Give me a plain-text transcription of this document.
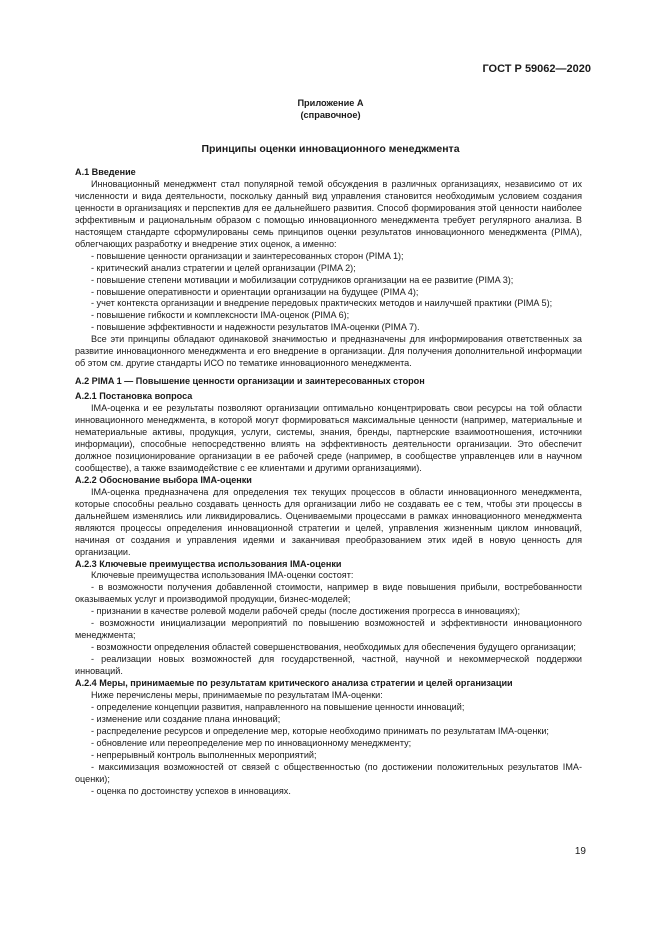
ГОСТ Р 59062—2020
Приложение А
(справочное)
Принципы оценки инновационного менеджмента
А.1 Введение
Инновационный менеджмент стал популярной темой обсуждения в различных организациях, независимо от их численности и вида деятельности, поскольку данный вид управления становится необходимым условием создания ценности в организациях и перспектив для ее дальнейшего развития. Способ формирования этой ценности наиболее эффективным и рациональным образом с помощью инновационного менеджмента требует регулярного анализа. В настоящем стандарте сформулированы семь принципов оценки результатов инновационного менеджмента (PIMA), облегчающих разработку и внедрение этих оценок, а именно:
- повышение ценности организации и заинтересованных сторон (PIMA 1);
- критический анализ стратегии и целей организации (PIMA 2);
- повышение степени мотивации и мобилизации сотрудников организации на ее развитие (PIMA 3);
- повышение оперативности и ориентации организации на будущее (PIMA 4);
- учет контекста организации и внедрение передовых практических методов и наилучшей практики (PIMA 5);
- повышение гибкости и комплексности IMA-оценок (PIMA 6);
- повышение эффективности и надежности результатов IMA-оценки (PIMA 7).
Все эти принципы обладают одинаковой значимостью и предназначены для информирования ответственных за развитие инновационного менеджмента и его внедрение в организации. Для получения дополнительной информации об этом см. другие стандарты ИСО по тематике инновационного менеджмента.
А.2 PIMA 1 — Повышение ценности организации и заинтересованных сторон
А.2.1 Постановка вопроса
IMA-оценка и ее результаты позволяют организации оптимально концентрировать свои ресурсы на той области инновационного менеджмента, в которой могут формироваться максимальные ценности (например, материальные и нематериальные активы, продукция, услуги, системы, знания, бренды, партнерские взаимоотношения, источники информации), способные непосредственно влиять на эффективность деятельности организации. Это обеспечит должное позиционирование организации в ее рабочей среде (например, в сообществе управленцев или в научном сообществе), а также взаимодействие с ее клиентами и другими организациями).
А.2.2 Обоснование выбора IMA-оценки
IMA-оценка предназначена для определения тех текущих процессов в области инновационного менеджмента, которые способны реально создавать ценность для организации либо не создавать ее с тем, чтобы эти процессы в дальнейшем изменялись или ликвидировались. Оцениваемыми процессами в рамках инновационного менеджмента являются процессы определения инновационной стратегии и целей, управления жизненным циклом инноваций, начиная от создания и управления идеями и заканчивая преобразованием этих идей в новую ценность для организации.
А.2.3 Ключевые преимущества использования IMA-оценки
Ключевые преимущества использования IMA-оценки состоят:
- в возможности получения добавленной стоимости, например в виде повышения прибыли, востребованности оказываемых услуг и производимой продукции, бизнес-моделей;
- признании в качестве ролевой модели рабочей среды (после достижения прогресса в инновациях);
- возможности инициализации мероприятий по повышению возможностей и эффективности инновационного менеджмента;
- возможности определения областей совершенствования, необходимых для обеспечения будущего организации;
- реализации новых возможностей для государственной, частной, научной и некоммерческой поддержки инноваций.
А.2.4 Меры, принимаемые по результатам критического анализа стратегии и целей организации
Ниже перечислены меры, принимаемые по результатам IMA-оценки:
- определение концепции развития, направленного на повышение ценности инноваций;
- изменение или создание плана инноваций;
- распределение ресурсов и определение мер, которые необходимо принимать по результатам IMA-оценки;
- обновление или переопределение мер по инновационному менеджменту;
- непрерывный контроль выполненных мероприятий;
- максимизация возможностей от связей с общественностью (по достижении положительных результатов IMA-оценки);
- оценка по достоинству успехов в инновациях.
19
